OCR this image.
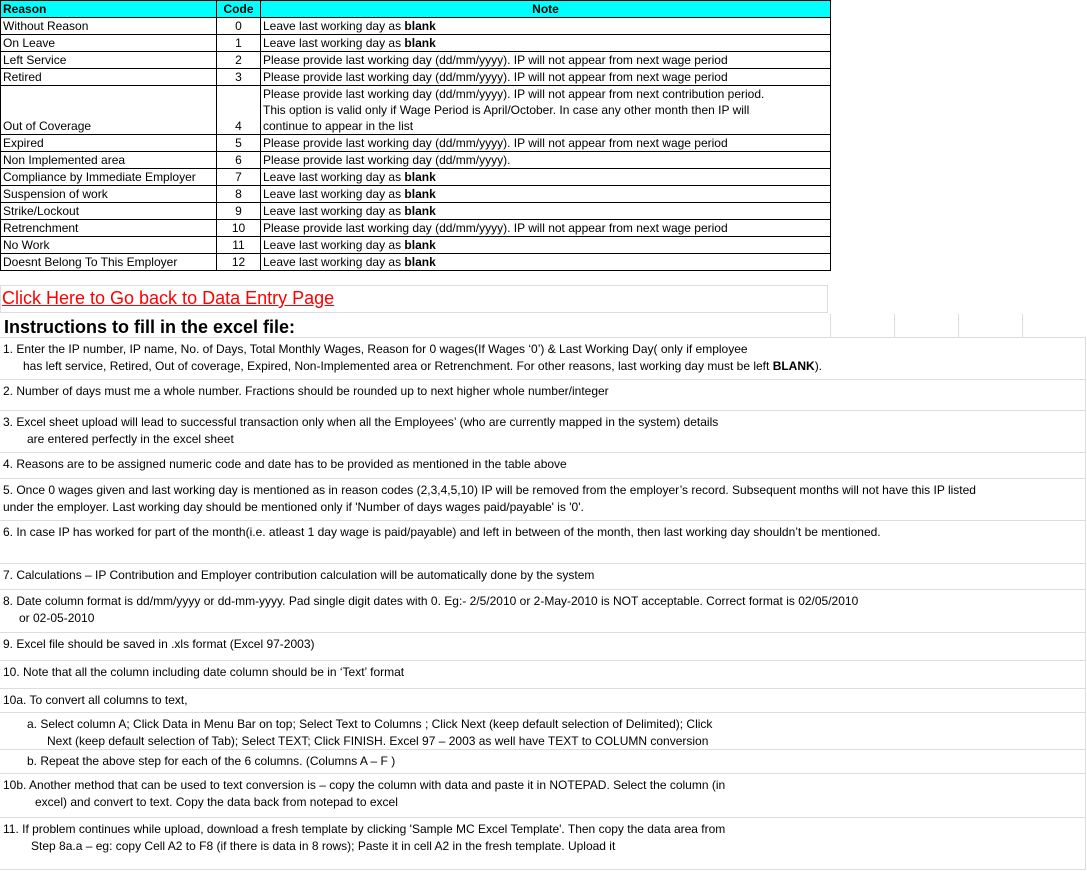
Reason	Code	Note
Without Reason	0	Leave last working day as blank
On Leave	1	Leave last working day as blank
Left Service	2	Please provide last working day (dd/mm/yyyy). IP will not appear from next wage period
Retired	3	Please provide last working day (dd/mm/yyyy). IP will not appear from next wage period
Out of Coverage	4	Please provide last working day (dd/mm/yyyy). IP will not appear from next contribution period.
This option is valid only if Wage Period is April/October. In case any other month then IP will
continue to appear in the list

Expired	5	Please provide last working day (dd/mm/yyyy). IP will not appear from next wage period
Non Implemented area	6	Please provide last working day (dd/mm/yyyy).
Compliance by Immediate Employer	7	Leave last working day as blank
Suspension of work	8	Leave last working day as blank
Strike/Lockout	9	Leave last working day as blank
Retrenchment	10	Please provide last working day (dd/mm/yyyy). IP will not appear from next wage period
No Work	11	Leave last working day as blank
Doesnt Belong To This Employer	12	Leave last working day as blank
Click Here to Go back to Data Entry Page
Instructions to fill in the excel file:
1. Enter the IP number, IP name, No. of Days, Total Monthly Wages, Reason for 0 wages(If Wages ‘0’) & Last Working Day( only if employee
has left service, Retired, Out of coverage, Expired, Non-Implemented area or Retrenchment. For other reasons, last working day must be left BLANK).
2. Number of days must me a whole number. Fractions should be rounded up to next higher whole number/integer
3. Excel sheet upload will lead to successful transaction only when all the Employees’ (who are currently mapped in the system) details
are entered perfectly in the excel sheet
4. Reasons are to be assigned numeric code and date has to be provided as mentioned in the table above
5. Once 0 wages given and last working day is mentioned as in reason codes (2,3,4,5,10) IP will be removed from the employer’s record. Subsequent months will not have this IP listed
under the employer. Last working day should be mentioned only if 'Number of days wages paid/payable' is '0'.
6. In case IP has worked for part of the month(i.e. atleast 1 day wage is paid/payable) and left in between of the month, then last working day shouldn’t be mentioned.
7. Calculations – IP Contribution and Employer contribution calculation will be automatically done by the system
8. Date column format is dd/mm/yyyy or dd-mm-yyyy. Pad single digit dates with 0. Eg:- 2/5/2010 or 2-May-2010 is NOT acceptable. Correct format is 02/05/2010
or 02-05-2010
9. Excel file should be saved in .xls format (Excel 97-2003)
10. Note that all the column including date column should be in ‘Text’ format
10a. To convert all columns to text,
a. Select column A; Click Data in Menu Bar on top; Select Text to Columns ; Click Next (keep default selection of Delimited); Click
Next (keep default selection of Tab); Select TEXT; Click FINISH. Excel 97 – 2003 as well have TEXT to COLUMN conversion
b. Repeat the above step for each of the 6 columns. (Columns A – F )
10b. Another method that can be used to text conversion is – copy the column with data and paste it in NOTEPAD. Select the column (in
excel) and convert to text. Copy the data back from notepad to excel
11. If problem continues while upload, download a fresh template by clicking 'Sample MC Excel Template'. Then copy the data area from
Step 8a.a – eg: copy Cell A2 to F8 (if there is data in 8 rows); Paste it in cell A2 in the fresh template. Upload it
